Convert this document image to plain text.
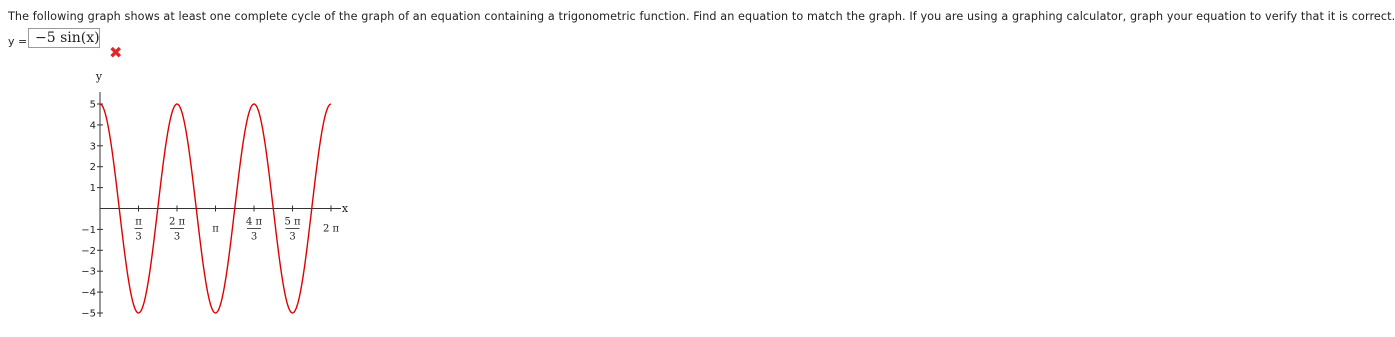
The following graph shows at least one complete cycle of the graph of an equation containing a trigonometric function. Find an equation to match the graph. If you are using a graphing calculator, graph your equation to verify that it is correct.
y = −5 sin(x)
✖
5
4
3
2
1
−1
−2
−3
−4
−5
π
3
2 π
3
π
4 π
3
5 π
3
2 π
y
x
